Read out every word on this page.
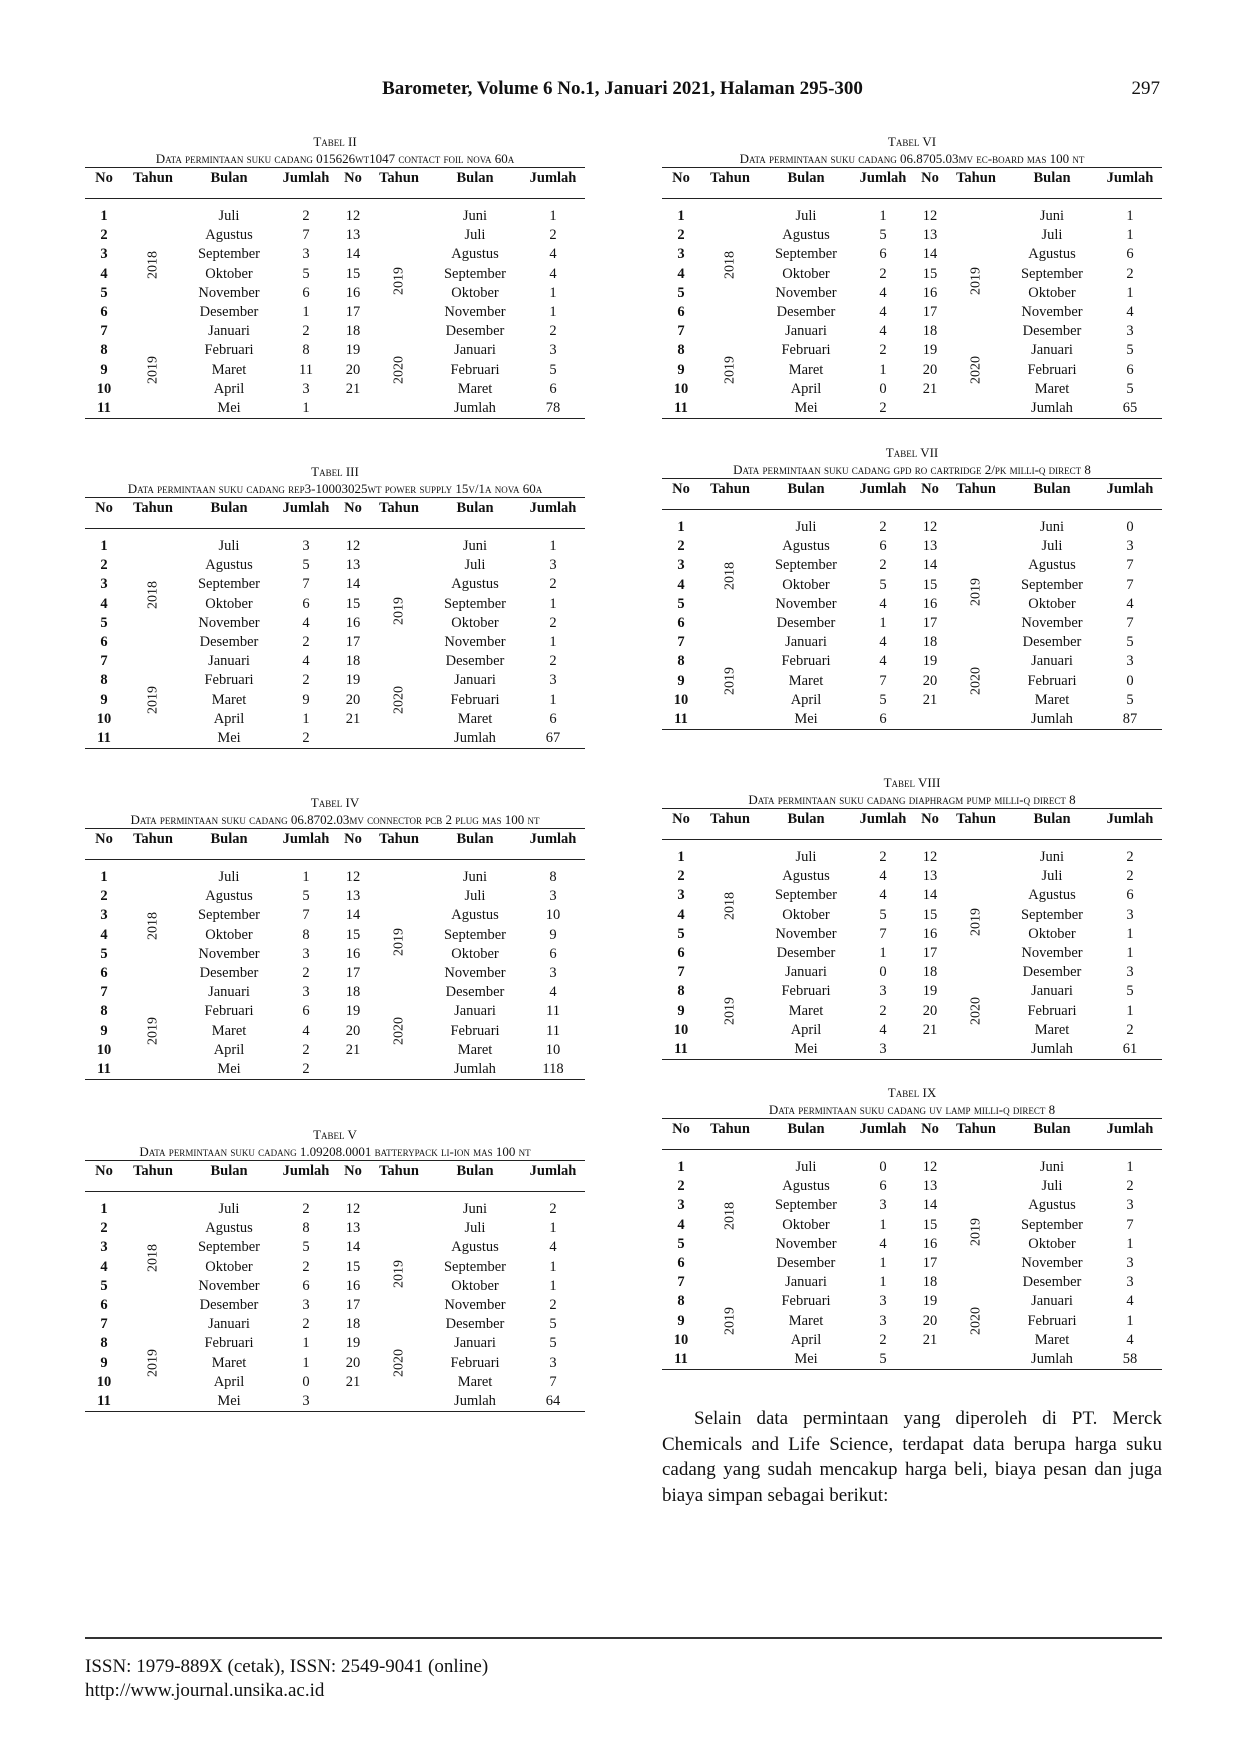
Barometer, Volume 6 No.1, Januari 2021, Halaman 295-300	297
Tabel II
Data permintaan suku cadang 015626wt1047 contact foil nova 60a
No	Tahun	Bulan	Jumlah	No	Tahun	Bulan	Jumlah

1	2018	Juli	2	12	2019	Juni	1
2		Agustus	7	13		Juli	2
3		September	3	14		Agustus	4
4		Oktober	5	15		September	4
5		November	6	16		Oktober	1
6		Desember	1	17		November	1
7	2019	Januari	2	18		Desember	2
8		Februari	8	19	2020	Januari	3
9		Maret	11	20		Februari	5
10		April	3	21		Maret	6
11		Mei	1			Jumlah	78
Tabel III
Data permintaan suku cadang rep3-10003025wt power supply 15v/1a nova 60a
No	Tahun	Bulan	Jumlah	No	Tahun	Bulan	Jumlah

1	2018	Juli	3	12	2019	Juni	1
2		Agustus	5	13		Juli	3
3		September	7	14		Agustus	2
4		Oktober	6	15		September	1
5		November	4	16		Oktober	2
6		Desember	2	17		November	1
7	2019	Januari	4	18		Desember	2
8		Februari	2	19	2020	Januari	3
9		Maret	9	20		Februari	1
10		April	1	21		Maret	6
11		Mei	2			Jumlah	67
Tabel IV
Data permintaan suku cadang 06.8702.03mv connector pcb 2 plug mas 100 nt
No	Tahun	Bulan	Jumlah	No	Tahun	Bulan	Jumlah

1	2018	Juli	1	12	2019	Juni	8
2		Agustus	5	13		Juli	3
3		September	7	14		Agustus	10
4		Oktober	8	15		September	9
5		November	3	16		Oktober	6
6		Desember	2	17		November	3
7	2019	Januari	3	18		Desember	4
8		Februari	6	19	2020	Januari	11
9		Maret	4	20		Februari	11
10		April	2	21		Maret	10
11		Mei	2			Jumlah	118
Tabel V
Data permintaan suku cadang 1.09208.0001 batterypack li-ion mas 100 nt
No	Tahun	Bulan	Jumlah	No	Tahun	Bulan	Jumlah

1	2018	Juli	2	12	2019	Juni	2
2		Agustus	8	13		Juli	1
3		September	5	14		Agustus	4
4		Oktober	2	15		September	1
5		November	6	16		Oktober	1
6		Desember	3	17		November	2
7	2019	Januari	2	18		Desember	5
8		Februari	1	19	2020	Januari	5
9		Maret	1	20		Februari	3
10		April	0	21		Maret	7
11		Mei	3			Jumlah	64
Tabel VI
Data permintaan suku cadang 06.8705.03mv ec-board mas 100 nt
No	Tahun	Bulan	Jumlah	No	Tahun	Bulan	Jumlah

1	2018	Juli	1	12	2019	Juni	1
2		Agustus	5	13		Juli	1
3		September	6	14		Agustus	6
4		Oktober	2	15		September	2
5		November	4	16		Oktober	1
6		Desember	4	17		November	4
7	2019	Januari	4	18		Desember	3
8		Februari	2	19	2020	Januari	5
9		Maret	1	20		Februari	6
10		April	0	21		Maret	5
11		Mei	2			Jumlah	65
Tabel VII
Data permintaan suku cadang gpd ro cartridge 2/pk milli-q direct 8
No	Tahun	Bulan	Jumlah	No	Tahun	Bulan	Jumlah

1	2018	Juli	2	12	2019	Juni	0
2		Agustus	6	13		Juli	3
3		September	2	14		Agustus	7
4		Oktober	5	15		September	7
5		November	4	16		Oktober	4
6		Desember	1	17		November	7
7	2019	Januari	4	18		Desember	5
8		Februari	4	19	2020	Januari	3
9		Maret	7	20		Februari	0
10		April	5	21		Maret	5
11		Mei	6			Jumlah	87
Tabel VIII
Data permintaan suku cadang diaphragm pump milli-q direct 8
No	Tahun	Bulan	Jumlah	No	Tahun	Bulan	Jumlah

1	2018	Juli	2	12	2019	Juni	2
2		Agustus	4	13		Juli	2
3		September	4	14		Agustus	6
4		Oktober	5	15		September	3
5		November	7	16		Oktober	1
6		Desember	1	17		November	1
7	2019	Januari	0	18		Desember	3
8		Februari	3	19	2020	Januari	5
9		Maret	2	20		Februari	1
10		April	4	21		Maret	2
11		Mei	3			Jumlah	61
Tabel IX
Data permintaan suku cadang uv lamp milli-q direct 8
No	Tahun	Bulan	Jumlah	No	Tahun	Bulan	Jumlah

1	2018	Juli	0	12	2019	Juni	1
2		Agustus	6	13		Juli	2
3		September	3	14		Agustus	3
4		Oktober	1	15		September	7
5		November	4	16		Oktober	1
6		Desember	1	17		November	3
7	2019	Januari	1	18		Desember	3
8		Februari	3	19	2020	Januari	4
9		Maret	3	20		Februari	1
10		April	2	21		Maret	4
11		Mei	5			Jumlah	58
Selain data permintaan yang diperoleh di PT. Merck Chemicals and Life Science, terdapat data berupa harga suku cadang yang sudah mencakup harga beli, biaya pesan dan juga biaya simpan sebagai berikut:
ISSN: 1979-889X (cetak), ISSN: 2549-9041 (online)
http://www.journal.unsika.ac.id
